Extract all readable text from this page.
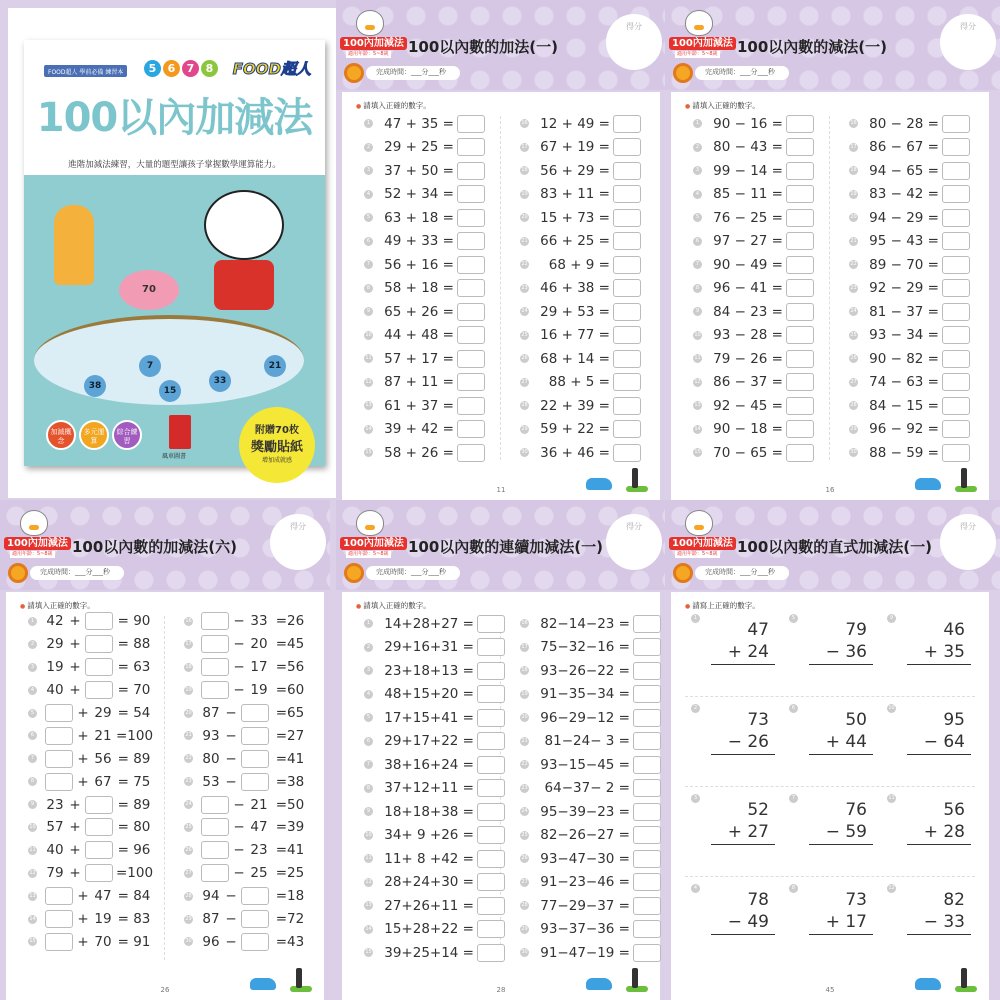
FOOD超人 學前必備 練習本	5	6	7	8	FOOD超人
100以內加減法
進階加減法練習，大量的題型讓孩子掌握數學運算能力。
70
7
38	15
33
21
加減概念
多元運算
綜合練習
風車圖書
附贈70枚
獎勵貼紙
增加成就感
100內加減法
適用年齡：5~8歲 100以內數的加法(一)
得分
完成時間：___分___秒
● 請填入正確的數字。
1	47 + 35 =
2	29 + 25 =
3	37 + 50 =
4	52 + 34 =
5	63 + 18 =
6	49 + 33 =
7	56 + 16 =
8	58 + 18 =
9	65 + 26 =
10 44 + 48 =
11 57 + 17 =
12 87 + 11 =
13 61 + 37 =
14 39 + 42 =
15 58 + 26 =
16 12 + 49 =
17 67 + 19 =
18 56 + 29 =
19 83 + 11 =
20 15 + 73 =
21 66 + 25 =
22	68 + 9 =
23 46 + 38 =
24 29 + 53 =
25 16 + 77 =
26 68 + 14 =
27	88 + 5 =
28 22 + 39 =
29 59 + 22 =
30 36 + 46 =
11
100內加減法
適用年齡：5~8歲 100以內數的減法(一)
得分
完成時間：___分___秒
● 請填入正確的數字。
1	90 − 16 =
2	80 − 43 =
3	99 − 14 =
4	85 − 11 =
5	76 − 25 =
6	97 − 27 =
7	90 − 49 =
8	96 − 41 =
9	84 − 23 =
10 93 − 28 =
11 79 − 26 =
12 86 − 37 =
13 92 − 45 =
14 90 − 18 =
15 70 − 65 =
16 80 − 28 =
17 86 − 67 =
18 94 − 65 =
19 83 − 42 =
20 94 − 29 =
21 95 − 43 =
22 89 − 70 =
23 92 − 29 =
24 81 − 37 =
25 93 − 34 =
26 90 − 82 =
27 74 − 63 =
28 84 − 15 =
29 96 − 92 =
30 88 − 59 =
16
100內加減法
適用年齡：5~8歲 100以內數的加減法(六)
得分
完成時間：___分___秒
● 請填入正確的數字。
1 42 +	= 90
2 29 +	= 88
3 19 +	= 63
4 40 +	= 70
5	+ 29 = 54
6	+ 21 =100
7	+ 56 = 89
8	+ 67 = 75
9 23 +	= 89
10 57 +	= 80
11 40 +	= 96
12 79 +	=100
13	+ 47 = 84
14	+ 19 = 83
15	+ 70 = 91
16	− 33 =26
17	− 20 =45
18	− 17 =56
19	− 19 =60
20 87 −	=65
21 93 −	=27
22 80 −	=41
23 53 −	=38
24	− 21 =50
25	− 47 =39
26	− 23 =41
27	− 25 =25
28 94 −	=18
29 87 −	=72
30 96 −	=43
26
100內加減法
適用年齡：5~8歲 100以內數的連續加減法(一)
得分
完成時間：___分___秒
● 請填入正確的數字。
1	14+28+27 =
2	29+16+31 =
3	23+18+13 =
4	48+15+20 =
5	17+15+41 =
6	29+17+22 =
7	38+16+24 =
8	37+12+11 =
9	18+18+38 =
10 34+ 9 +26 =
11 11+ 8 +42 =
12 28+24+30 =
13 27+26+11 =
14 15+28+22 =
15 39+25+14 =
16 82−14−23 =
17 75−32−16 =
18 93−26−22 =
19 91−35−34 =
20 96−29−12 =
21	81−24− 3 =
22 93−15−45 =
23	64−37− 2 =
24 95−39−23 =
25 82−26−27 =
26 93−47−30 =
27 91−23−46 =
28 77−29−37 =
29 93−37−36 =
30 91−47−19 =
28
100內加減法
適用年齡：5~8歲 100以內數的直式加減法(一)
得分
完成時間：___分___秒
● 請寫上正確的數字。
1
47
+ 24
5
79
− 36
9
46
+ 35
2
73
− 26
6
50
+ 44
10
95
− 64
3
52
+ 27
7
76
− 59
11
56
+ 28
4
78
− 49
8
73
+ 17
12
82
− 33
45
